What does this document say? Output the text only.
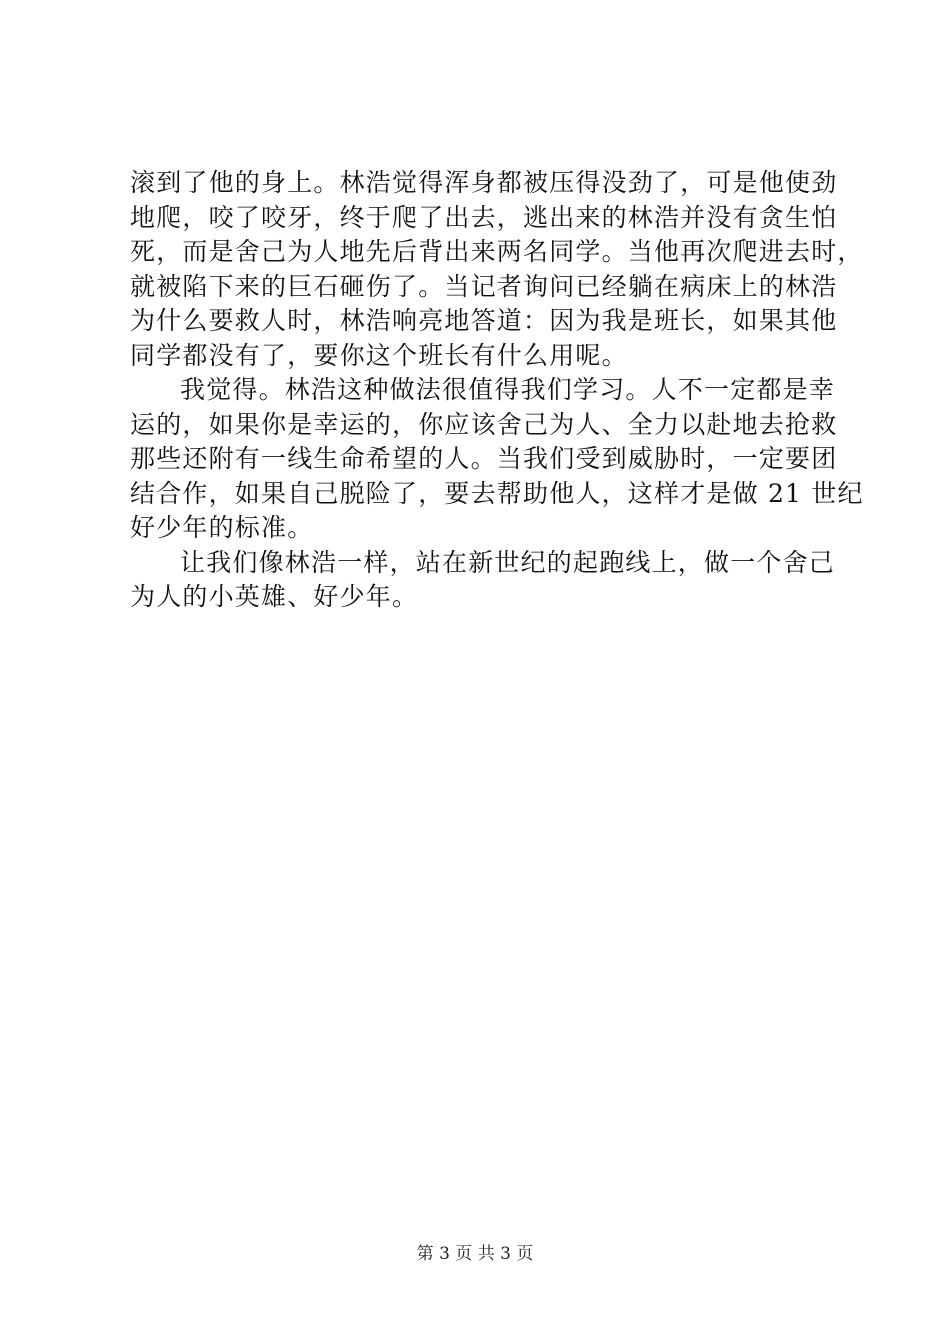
滚到了他的身上。林浩觉得浑身都被压得没劲了，可是他使劲
地爬，咬了咬牙，终于爬了出去，逃出来的林浩并没有贪生怕
死，而是舍己为人地先后背出来两名同学。当他再次爬进去时，
就被陷下来的巨石砸伤了。当记者询问已经躺在病床上的林浩
为什么要救人时，林浩响亮地答道：因为我是班长，如果其他
同学都没有了，要你这个班长有什么用呢。
我觉得。林浩这种做法很值得我们学习。人不一定都是幸
运的，如果你是幸运的，你应该舍己为人、全力以赴地去抢救
那些还附有一线生命希望的人。当我们受到威胁时，一定要团
结合作，如果自己脱险了，要去帮助他人，这样才是做 21 世纪
好少年的标准。
让我们像林浩一样，站在新世纪的起跑线上，做一个舍己
为人的小英雄、好少年。
第 3 页 共 3 页
